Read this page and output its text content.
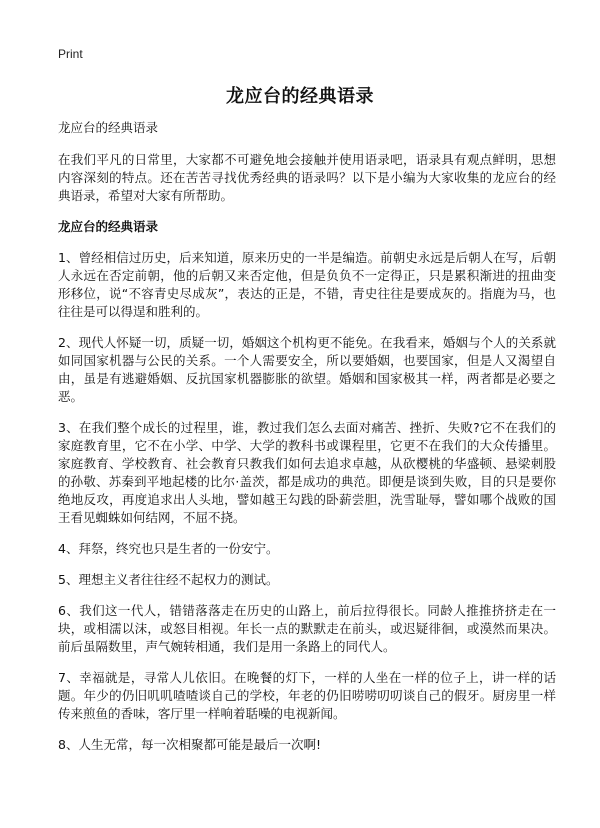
Print
龙应台的经典语录
龙应台的经典语录

在我们平凡的日常里，大家都不可避免地会接触并使用语录吧，语录具有观点鲜明，思想内容深刻的特点。还在苦苦寻找优秀经典的语录吗？以下是小编为大家收集的龙应台的经典语录，希望对大家有所帮助。

龙应台的经典语录

1、曾经相信过历史，后来知道，原来历史的一半是编造。前朝史永远是后朝人在写，后朝人永远在否定前朝，他的后朝又来否定他，但是负负不一定得正，只是累积渐进的扭曲变形移位，说“不容青史尽成灰”，表达的正是，不错，青史往往是要成灰的。指鹿为马，也往往是可以得逞和胜利的。

2、现代人怀疑一切，质疑一切，婚姻这个机构更不能免。在我看来，婚姻与个人的关系就如同国家机器与公民的关系。一个人需要安全，所以要婚姻，也要国家，但是人又渴望自由，虽是有逃避婚姻、反抗国家机器膨胀的欲望。婚姻和国家极其一样，两者都是必要之恶。

3、在我们整个成长的过程里，谁，教过我们怎么去面对痛苦、挫折、失败?它不在我们的家庭教育里，它不在小学、中学、大学的教科书或课程里，它更不在我们的大众传播里。家庭教育、学校教育、社会教育只教我们如何去追求卓越，从砍樱桃的华盛顿、悬梁刺股的孙敬、苏秦到平地起楼的比尔·盖茨，都是成功的典范。即便是谈到失败，目的只是要你绝地反攻，再度追求出人头地，譬如越王勾践的卧薪尝胆，洗雪耻辱，譬如哪个战败的国王看见蜘蛛如何结网，不屈不挠。

4、拜祭，终究也只是生者的一份安宁。

5、理想主义者往往经不起权力的测试。

6、我们这一代人，错错落落走在历史的山路上，前后拉得很长。同龄人推推挤挤走在一块，或相濡以沫，或怒目相视。年长一点的默默走在前头，或迟疑徘徊，或漠然而果决。前后虽隔数里，声气婉转相通，我们是用一条路上的同代人。

7、幸福就是，寻常人儿依旧。在晚餐的灯下，一样的人坐在一样的位子上，讲一样的话题。年少的仍旧叽叽喳喳谈自己的学校，年老的仍旧唠唠叨叨谈自己的假牙。厨房里一样传来煎鱼的香味，客厅里一样响着聒噪的电视新闻。

8、人生无常，每一次相聚都可能是最后一次啊!
